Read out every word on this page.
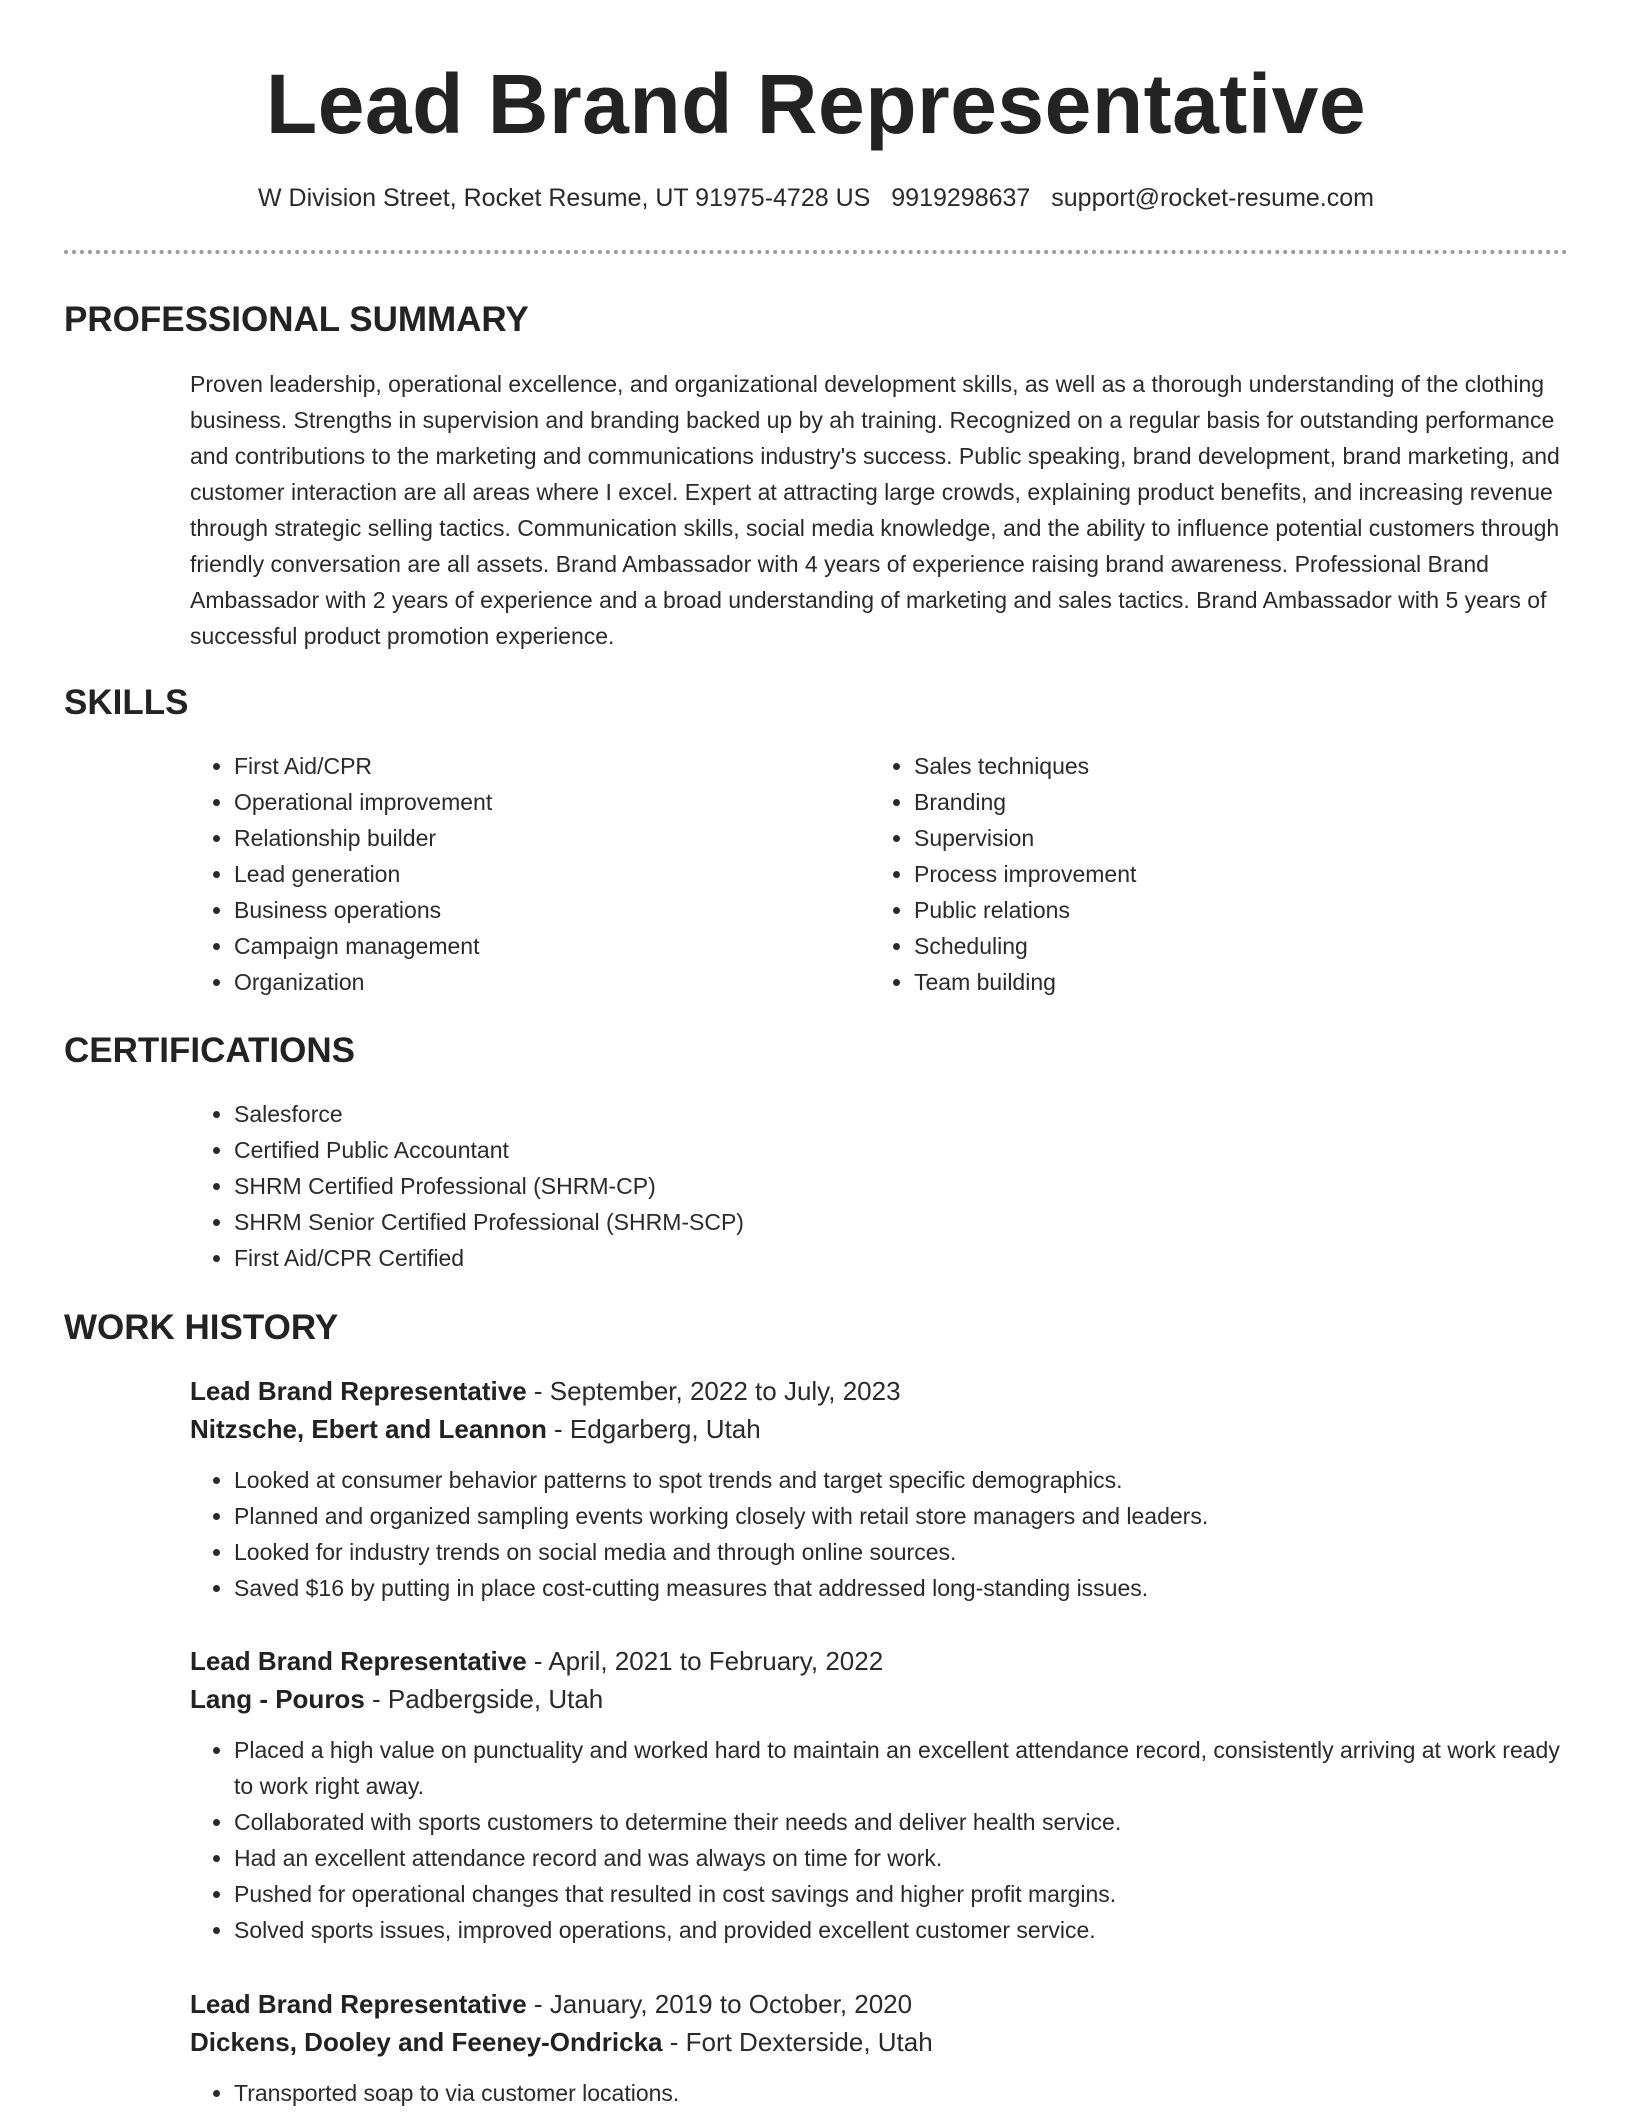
Lead Brand Representative
W Division Street, Rocket Resume, UT 91975-4728 US 9919298637 support@rocket-resume.com
PROFESSIONAL SUMMARY

Proven leadership, operational excellence, and organizational development skills, as well as a thorough understanding of the clothing business. Strengths in supervision and branding backed up by ah training. Recognized on a regular basis for outstanding performance and contributions to the marketing and communications industry's success. Public speaking, brand development, brand marketing, and customer interaction are all areas where I excel. Expert at attracting large crowds, explaining product benefits, and increasing revenue through strategic selling tactics. Communication skills, social media knowledge, and the ability to influence potential customers through friendly conversation are all assets. Brand Ambassador with 4 years of experience raising brand awareness. Professional Brand Ambassador with 2 years of experience and a broad understanding of marketing and sales tactics. Brand Ambassador with 5 years of successful product promotion experience.

SKILLS
• First Aid/CPR
• Operational improvement
• Relationship builder
• Lead generation
• Business operations
• Campaign management
• Organization
• Sales techniques
• Branding
• Supervision
• Process improvement
• Public relations
• Scheduling
• Team building
CERTIFICATIONS
• Salesforce
• Certified Public Accountant
• SHRM Certified Professional (SHRM-CP)
• SHRM Senior Certified Professional (SHRM-SCP)
• First Aid/CPR Certified
WORK HISTORY
Lead Brand Representative - September, 2022 to July, 2023
Nitzsche, Ebert and Leannon - Edgarberg, Utah
• Looked at consumer behavior patterns to spot trends and target specific demographics.
• Planned and organized sampling events working closely with retail store managers and leaders.
• Looked for industry trends on social media and through online sources.
• Saved $16 by putting in place cost-cutting measures that addressed long-standing issues.
Lead Brand Representative - April, 2021 to February, 2022
Lang - Pouros - Padbergside, Utah
• Placed a high value on punctuality and worked hard to maintain an excellent attendance record, consistently arriving at work ready to work right away.
• Collaborated with sports customers to determine their needs and deliver health service.
• Had an excellent attendance record and was always on time for work.
• Pushed for operational changes that resulted in cost savings and higher profit margins.
• Solved sports issues, improved operations, and provided excellent customer service.
Lead Brand Representative - January, 2019 to October, 2020
Dickens, Dooley and Feeney-Ondricka - Fort Dexterside, Utah
• Transported soap to via customer locations.
